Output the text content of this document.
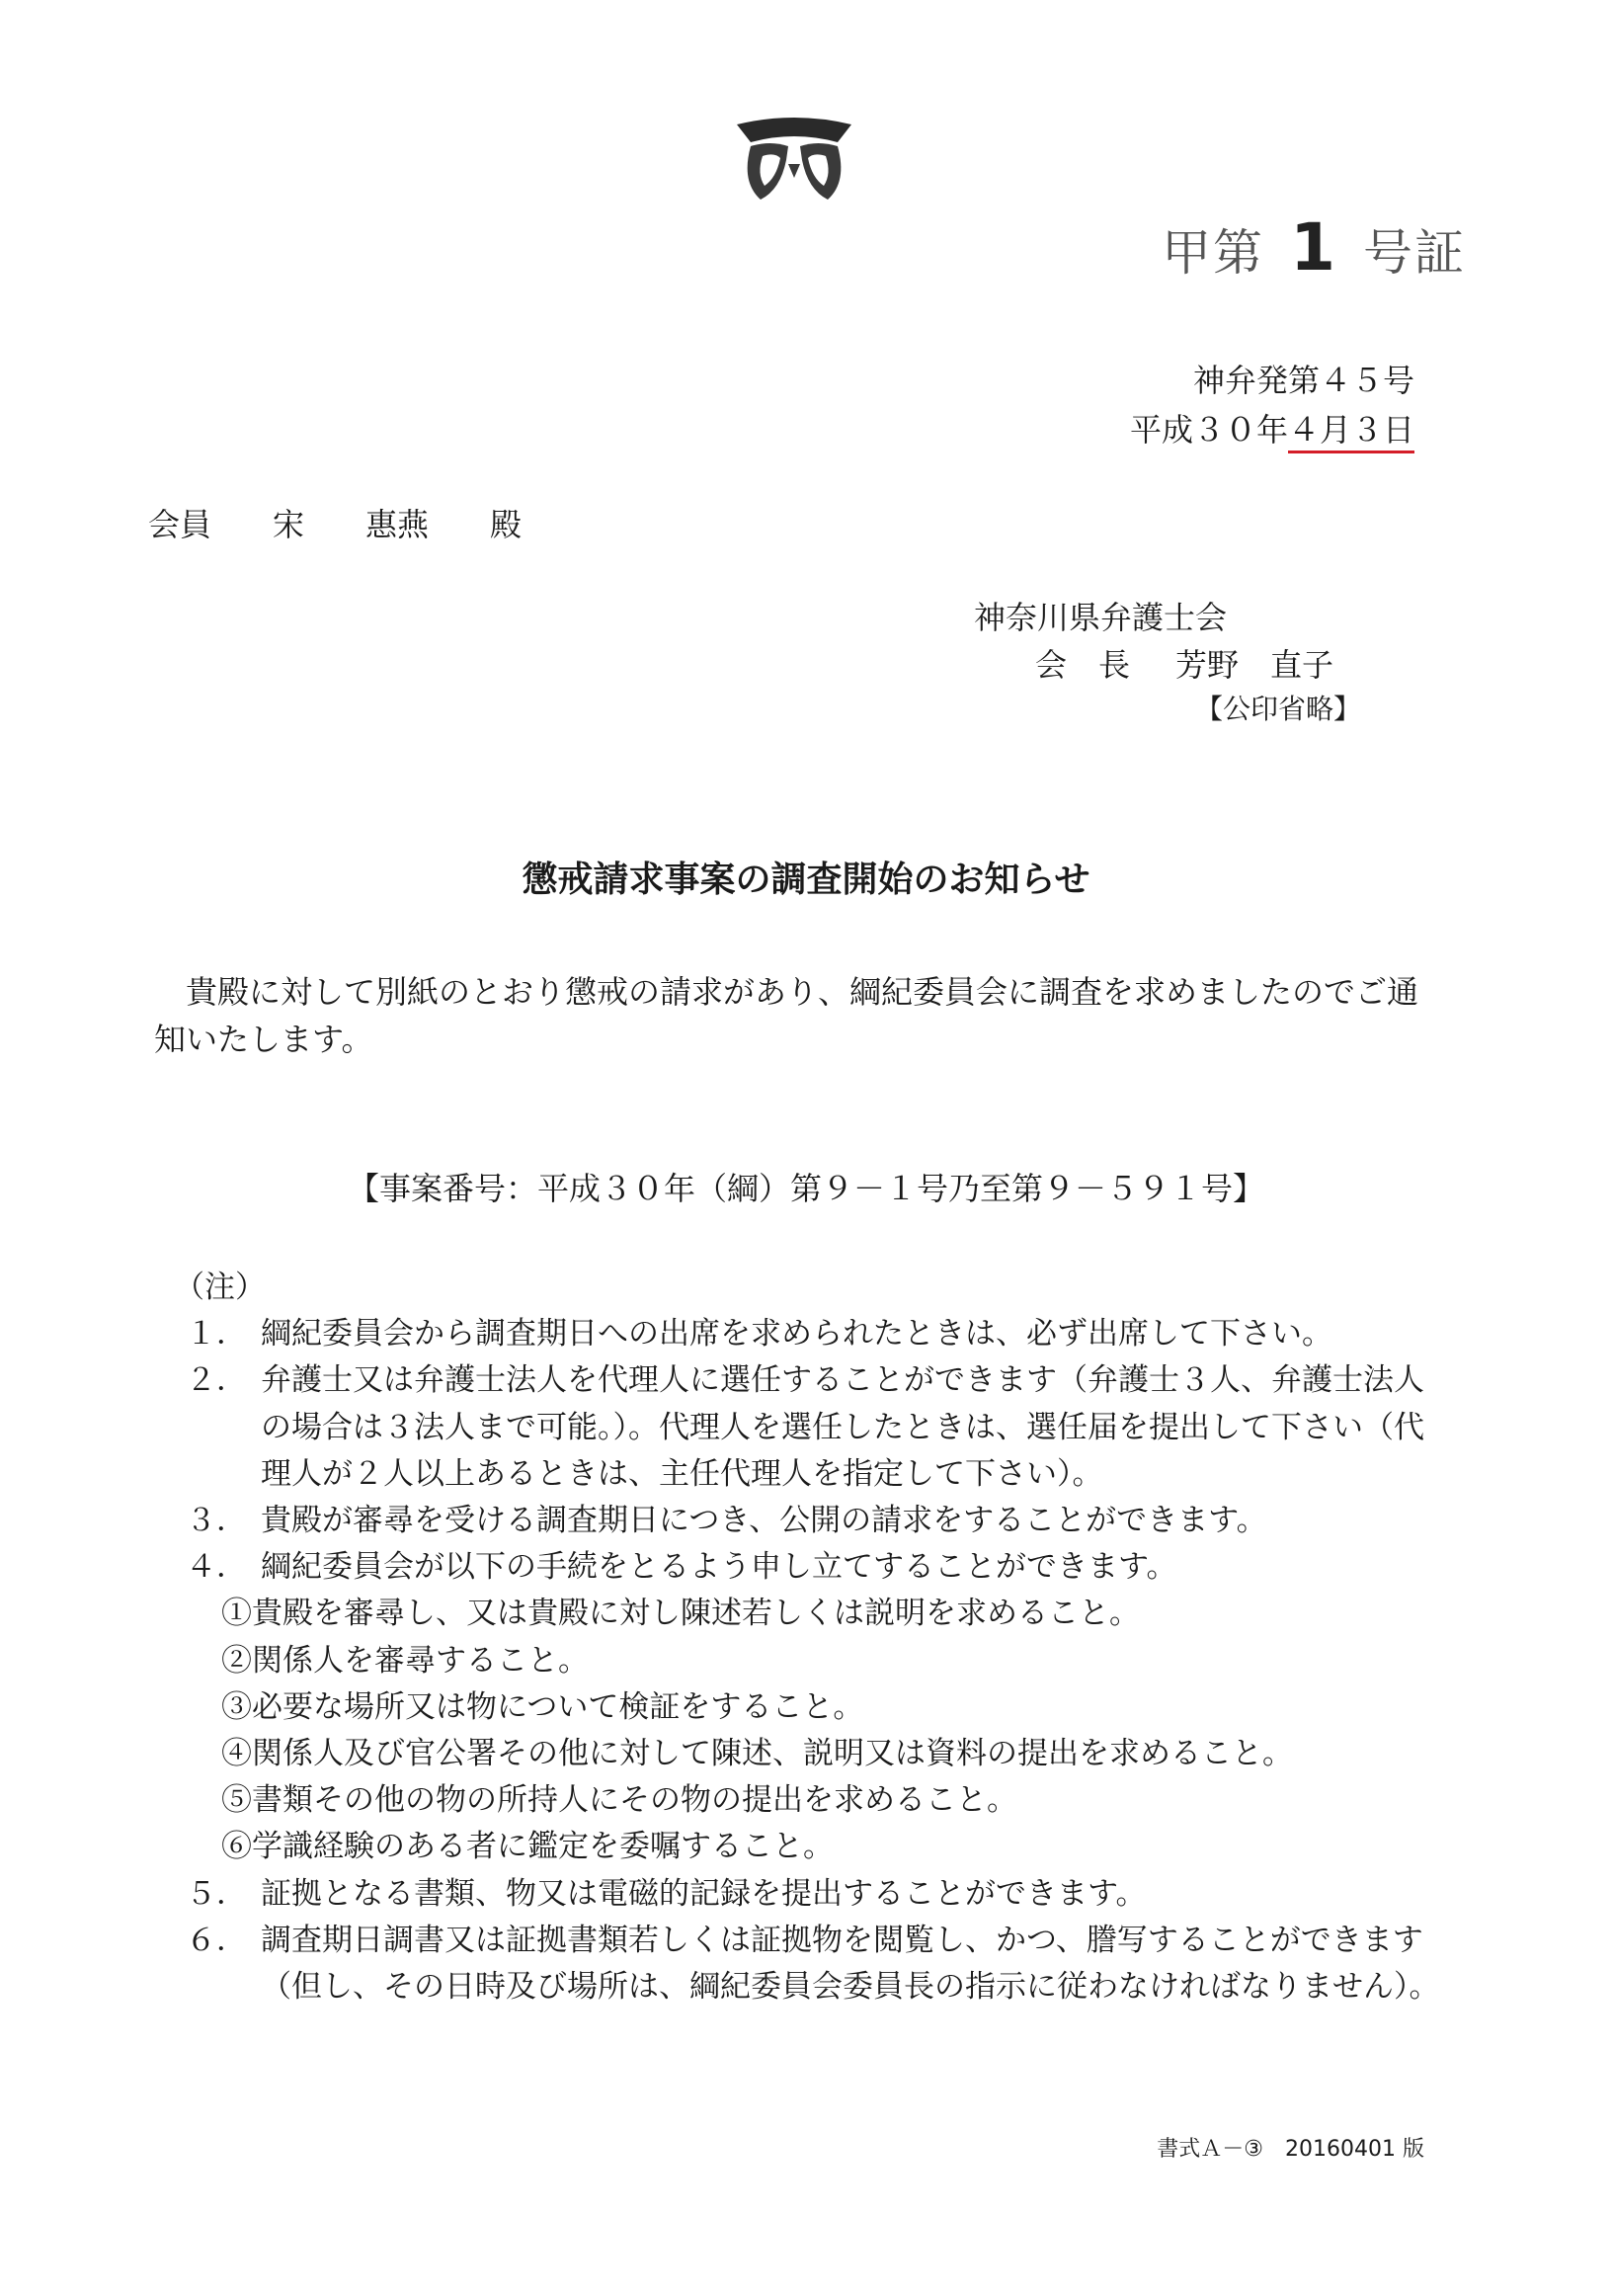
甲第 1 号証
神弁発第４５号
平成３０年４月３日
会員 宋 惠燕 殿
神奈川県弁護士会
会　長 芳野　直子
【公印省略】
懲戒請求事案の調査開始のお知らせ
貴殿に対して別紙のとおり懲戒の請求があり、綱紀委員会に調査を求めましたのでご通知いたします。
【事案番号：平成３０年（綱）第９－１号乃至第９－５９１号】
（注）
１． 綱紀委員会から調査期日への出席を求められたときは、必ず出席して下さい。
２． 弁護士又は弁護士法人を代理人に選任することができます（弁護士３人、弁護士法人の場合は３法人まで可能。）。代理人を選任したときは、選任届を提出して下さい（代理人が２人以上あるときは、主任代理人を指定して下さい）。
３． 貴殿が審尋を受ける調査期日につき、公開の請求をすることができます。
４． 綱紀委員会が以下の手続をとるよう申し立てすることができます。
①貴殿を審尋し、又は貴殿に対し陳述若しくは説明を求めること。
②関係人を審尋すること。
③必要な場所又は物について検証をすること。
④関係人及び官公署その他に対して陳述、説明又は資料の提出を求めること。
⑤書類その他の物の所持人にその物の提出を求めること。
⑥学識経験のある者に鑑定を委嘱すること。
５． 証拠となる書類、物又は電磁的記録を提出することができます。
６． 調査期日調書又は証拠書類若しくは証拠物を閲覧し、かつ、謄写することができます（但し、その日時及び場所は、綱紀委員会委員長の指示に従わなければなりません）。
書式Ａ－③　20160401 版
